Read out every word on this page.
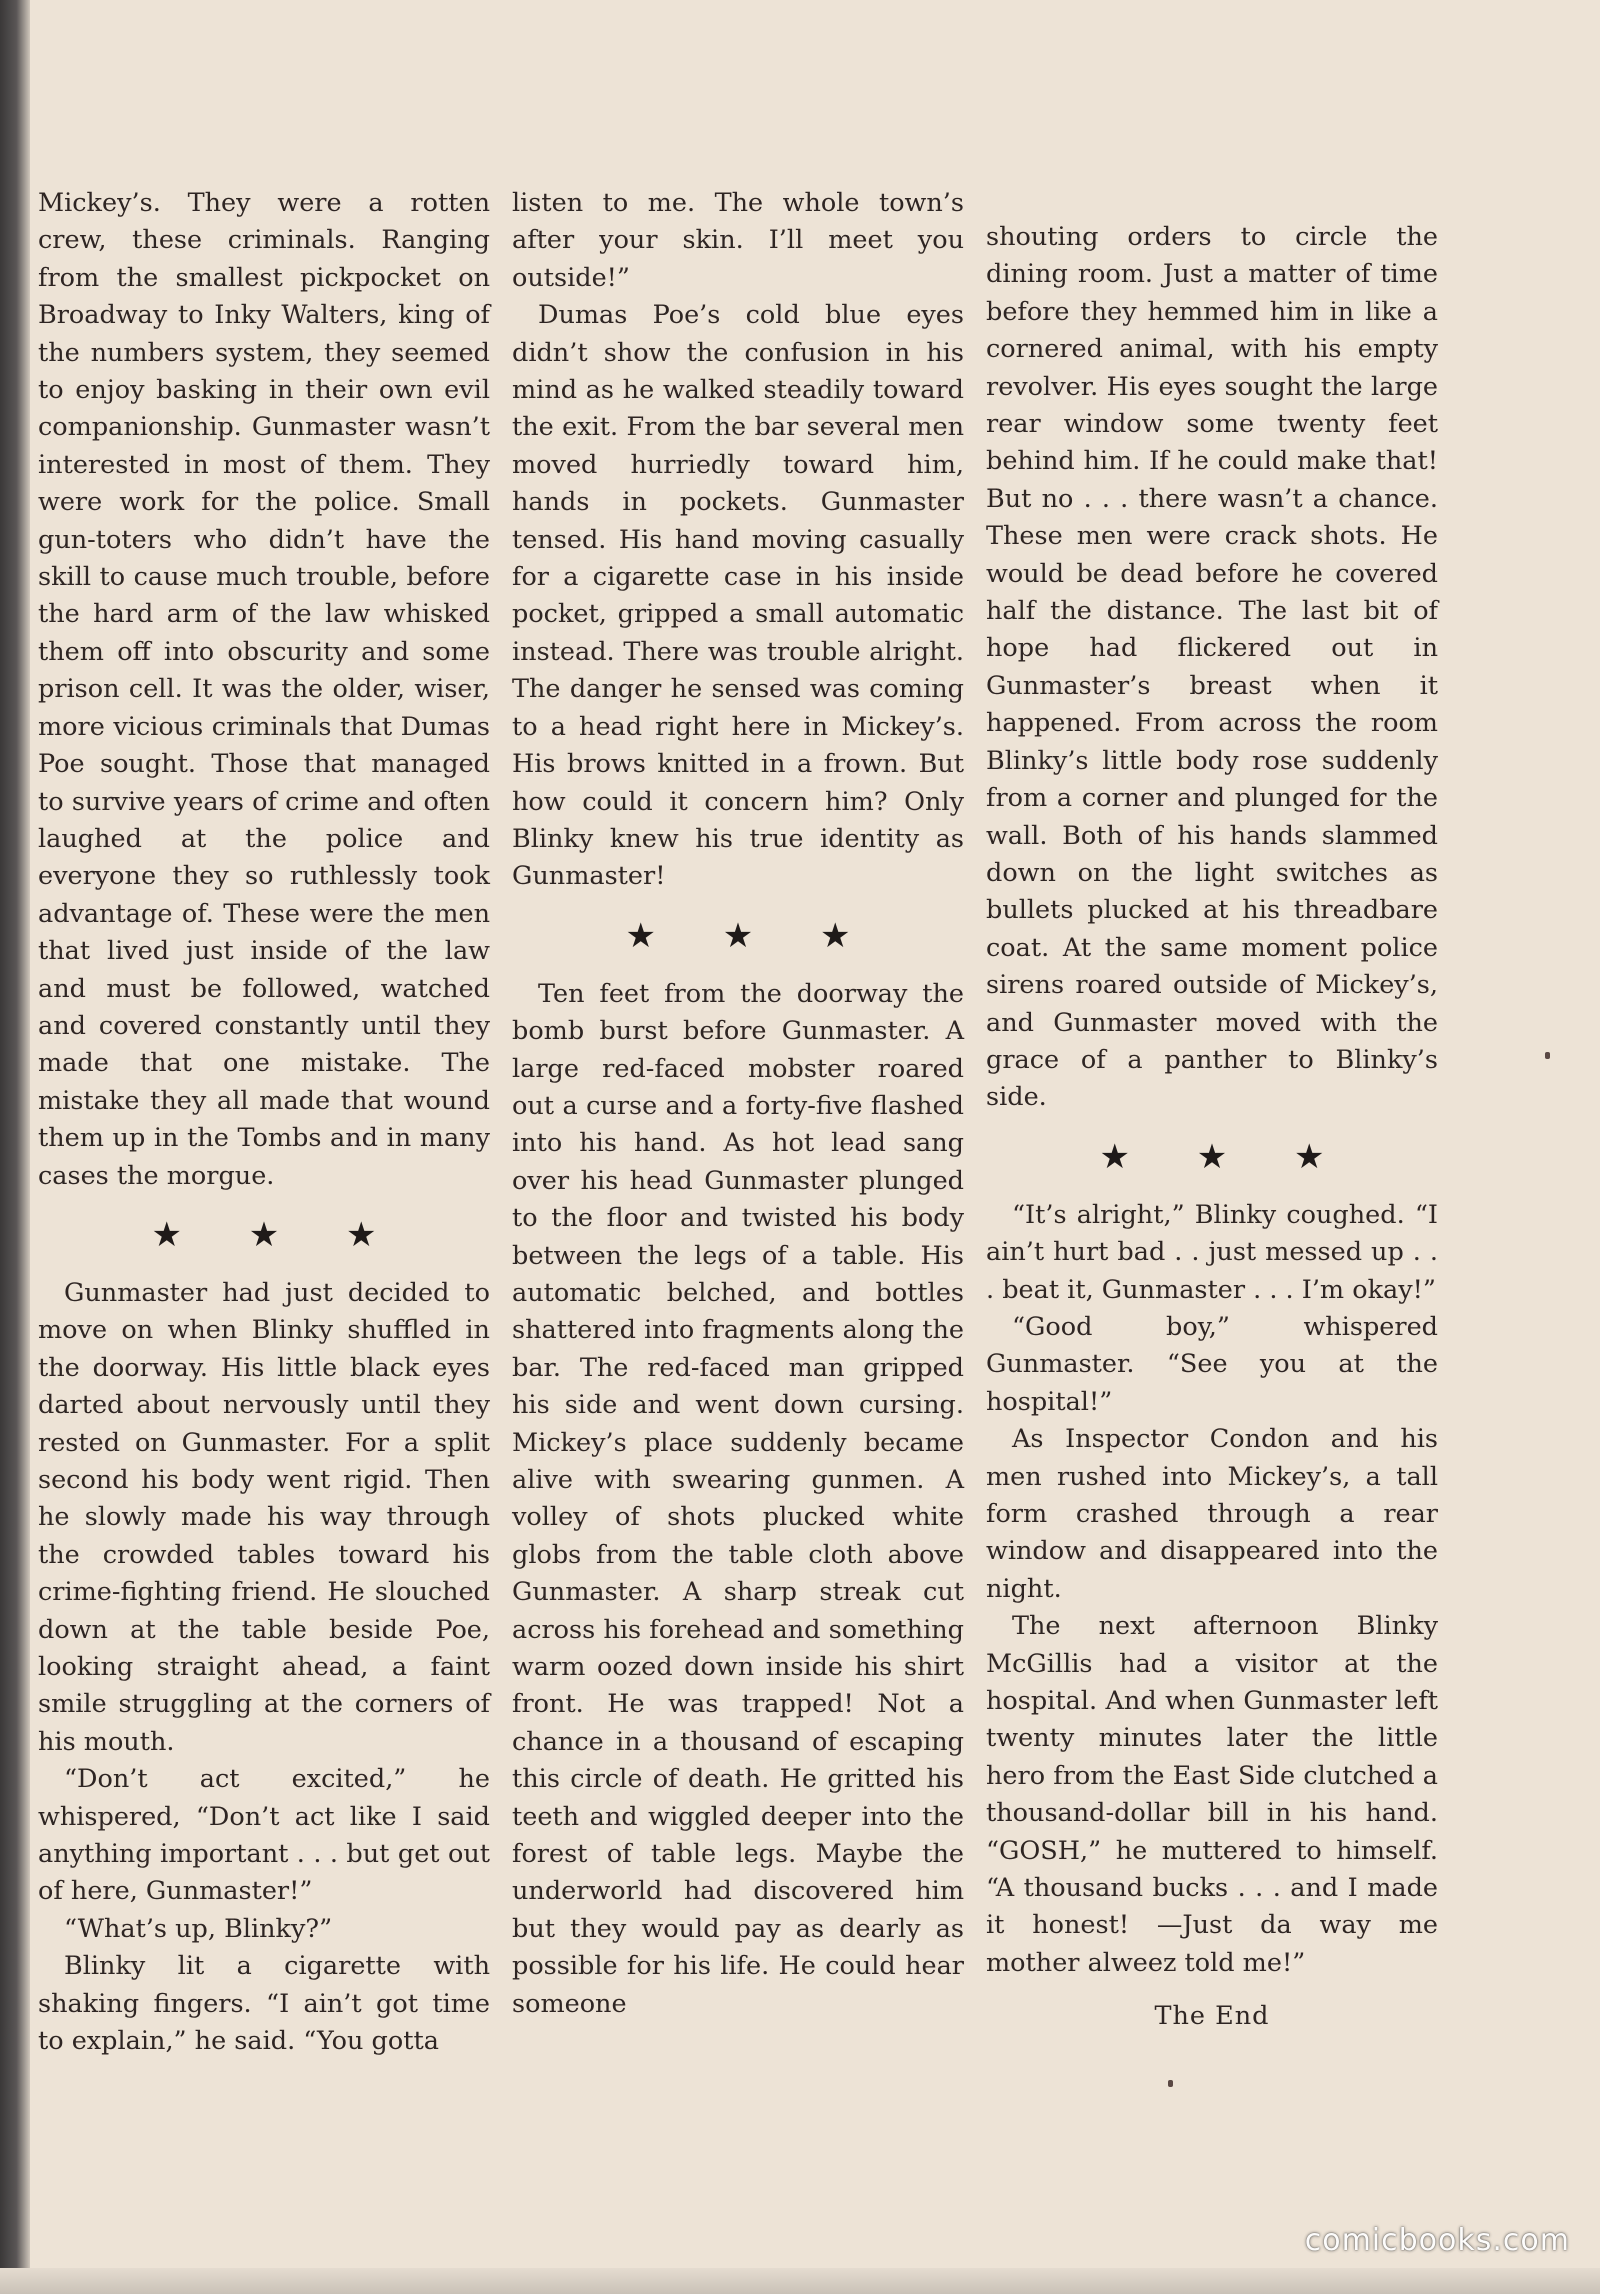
Mickey’s. They were a rotten crew, these criminals. Ranging from the smallest pickpocket on Broadway to Inky Walters, king of the numbers system, they seemed to enjoy basking in their own evil companionship. Gunmaster wasn’t interested in most of them. They were work for the police. Small gun-toters who didn’t have the skill to cause much trouble, before the hard arm of the law whisked them off into obscurity and some prison cell. It was the older, wiser, more vicious criminals that Dumas Poe sought. Those that managed to survive years of crime and often laughed at the police and everyone they so ruthlessly took advantage of. These were the men that lived just inside of the law and must be followed, watched and covered constantly until they made that one mistake. The mistake they all made that wound them up in the Tombs and in many cases the morgue.

★ ★ ★

Gunmaster had just decided to move on when Blinky shuffled in the doorway. His little black eyes darted about nervously until they rested on Gunmaster. For a split second his body went rigid. Then he slowly made his way through the crowded tables toward his crime-fighting friend. He slouched down at the table beside Poe, looking straight ahead, a faint smile struggling at the corners of his mouth.

“Don’t act excited,” he whispered, “Don’t act like I said anything important . . . but get out of here, Gunmaster!”

“What’s up, Blinky?”

Blinky lit a cigarette with shaking fingers. “I ain’t got time to explain,” he said. “You gotta

listen to me. The whole town’s after your skin. I’ll meet you outside!”

Dumas Poe’s cold blue eyes didn’t show the confusion in his mind as he walked steadily toward the exit. From the bar several men moved hurriedly toward him, hands in pockets. Gunmaster tensed. His hand moving casually for a cigarette case in his inside pocket, gripped a small automatic instead. There was trouble alright. The danger he sensed was coming to a head right here in Mickey’s. His brows knitted in a frown. But how could it concern him? Only Blinky knew his true identity as Gunmaster!

★ ★ ★

Ten feet from the doorway the bomb burst before Gunmaster. A large red-faced mobster roared out a curse and a forty-five flashed into his hand. As hot lead sang over his head Gunmaster plunged to the floor and twisted his body between the legs of a table. His automatic belched, and bottles shattered into fragments along the bar. The red-faced man gripped his side and went down cursing. Mickey’s place suddenly became alive with swearing gunmen. A volley of shots plucked white globs from the table cloth above Gunmaster. A sharp streak cut across his forehead and something warm oozed down inside his shirt front. He was trapped! Not a chance in a thousand of escaping this circle of death. He gritted his teeth and wiggled deeper into the forest of table legs. Maybe the underworld had discovered him but they would pay as dearly as possible for his life. He could hear someone

shouting orders to circle the dining room. Just a matter of time before they hemmed him in like a cornered animal, with his empty revolver. His eyes sought the large rear window some twenty feet behind him. If he could make that! But no . . . there wasn’t a chance. These men were crack shots. He would be dead before he covered half the distance. The last bit of hope had flickered out in Gunmaster’s breast when it happened. From across the room Blinky’s little body rose suddenly from a corner and plunged for the wall. Both of his hands slammed down on the light switches as bullets plucked at his threadbare coat. At the same moment police sirens roared outside of Mickey’s, and Gunmaster moved with the grace of a panther to Blinky’s side.

★ ★ ★

“It’s alright,” Blinky coughed. “I ain’t hurt bad . . just messed up . . . beat it, Gunmaster . . . I’m okay!”

“Good boy,” whispered Gunmaster. “See you at the hospital!”

As Inspector Condon and his men rushed into Mickey’s, a tall form crashed through a rear window and disappeared into the night.

The next afternoon Blinky McGillis had a visitor at the hospital. And when Gunmaster left twenty minutes later the little hero from the East Side clutched a thousand-dollar bill in his hand. “GOSH,” he muttered to himself. “A thousand bucks . . . and I made it honest! —Just da way me mother alweez told me!”

The End
comicbooks.com
